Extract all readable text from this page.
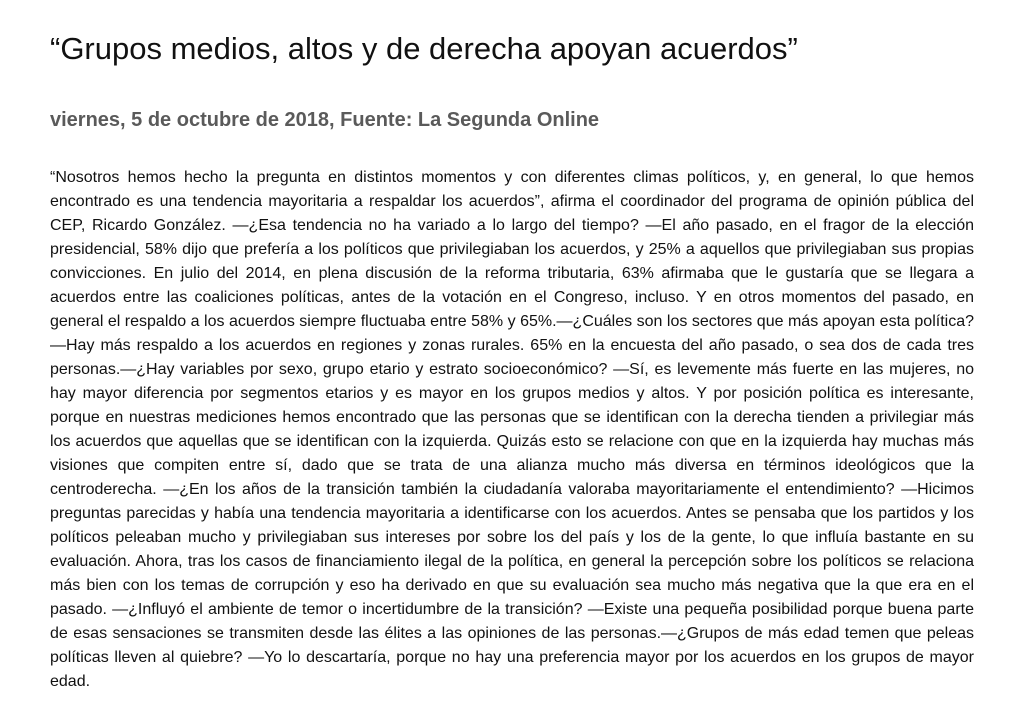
“Grupos medios, altos y de derecha apoyan acuerdos”
viernes, 5 de octubre de 2018, Fuente: La Segunda Online

“Nosotros hemos hecho la pregunta en distintos momentos y con diferentes climas políticos, y, en general, lo que hemos encontrado es una tendencia mayoritaria a respaldar los acuerdos”, afirma el coordinador del programa de opinión pública del CEP, Ricardo González. —¿Esa tendencia no ha variado a lo largo del tiempo? —El año pasado, en el fragor de la elección presidencial, 58% dijo que prefería a los políticos que privilegiaban los acuerdos, y 25% a aquellos que privilegiaban sus propias convicciones. En julio del 2014, en plena discusión de la reforma tributaria, 63% afirmaba que le gustaría que se llegara a acuerdos entre las coaliciones políticas, antes de la votación en el Congreso, incluso. Y en otros momentos del pasado, en general el respaldo a los acuerdos siempre fluctuaba entre 58% y 65%.—¿Cuáles son los sectores que más apoyan esta política? —Hay más respaldo a los acuerdos en regiones y zonas rurales. 65% en la encuesta del año pasado, o sea dos de cada tres personas.—¿Hay variables por sexo, grupo etario y estrato socioeconómico? —Sí, es levemente más fuerte en las mujeres, no hay mayor diferencia por segmentos etarios y es mayor en los grupos medios y altos. Y por posición política es interesante, porque en nuestras mediciones hemos encontrado que las personas que se identifican con la derecha tienden a privilegiar más los acuerdos que aquellas que se identifican con la izquierda. Quizás esto se relacione con que en la izquierda hay muchas más visiones que compiten entre sí, dado que se trata de una alianza mucho más diversa en términos ideológicos que la centroderecha. —¿En los años de la transición también la ciudadanía valoraba mayoritariamente el entendimiento? —Hicimos preguntas parecidas y había una tendencia mayoritaria a identificarse con los acuerdos. Antes se pensaba que los partidos y los políticos peleaban mucho y privilegiaban sus intereses por sobre los del país y los de la gente, lo que influía bastante en su evaluación. Ahora, tras los casos de financiamiento ilegal de la política, en general la percepción sobre los políticos se relaciona más bien con los temas de corrupción y eso ha derivado en que su evaluación sea mucho más negativa que la que era en el pasado. —¿Influyó el ambiente de temor o incertidumbre de la transición? —Existe una pequeña posibilidad porque buena parte de esas sensaciones se transmiten desde las élites a las opiniones de las personas.—¿Grupos de más edad temen que peleas políticas lleven al quiebre? —Yo lo descartaría, porque no hay una preferencia mayor por los acuerdos en los grupos de mayor edad.
